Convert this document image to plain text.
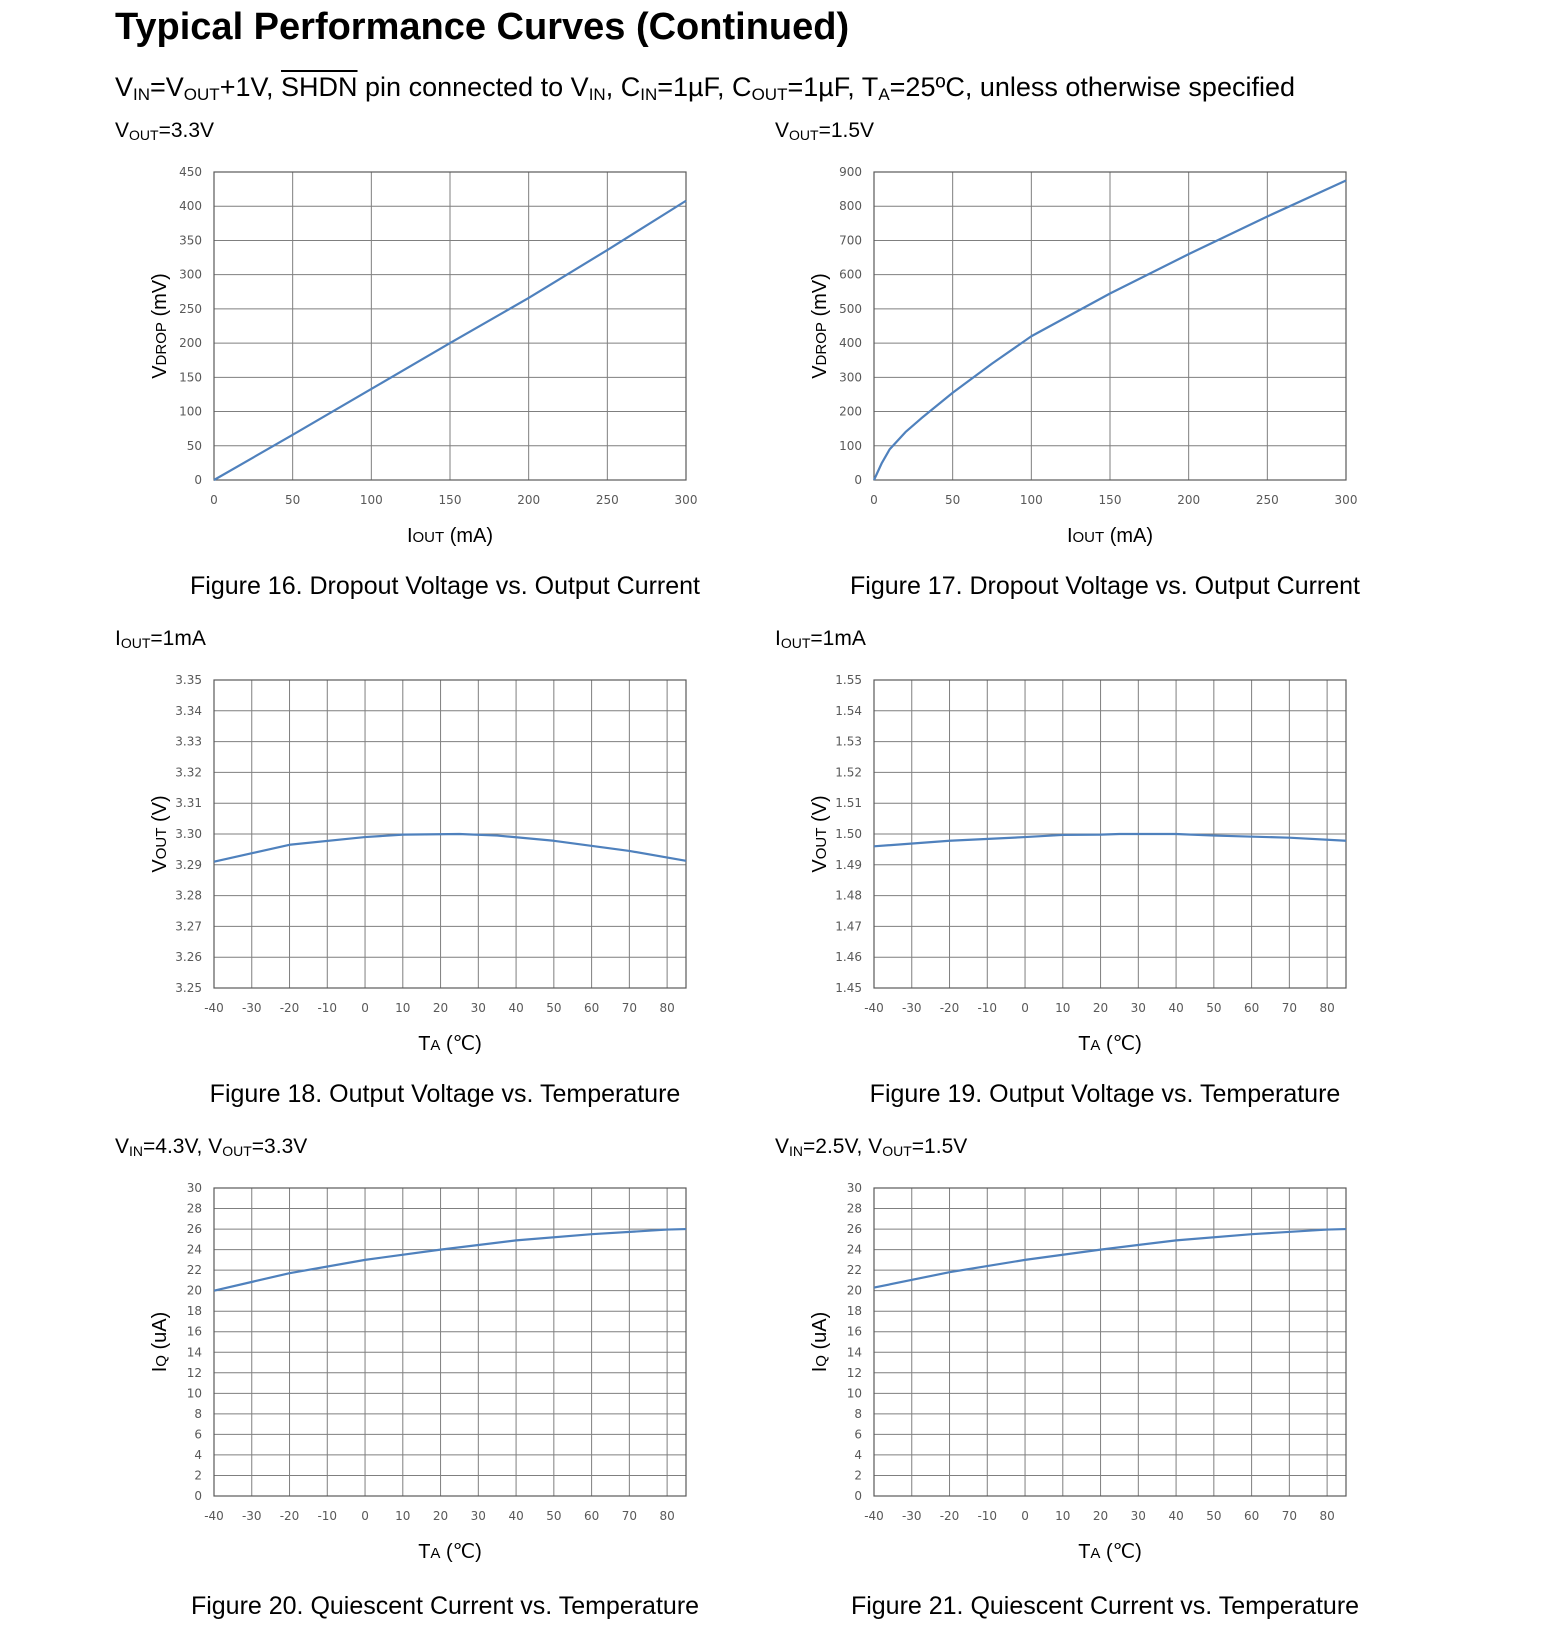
Typical Performance Curves (Continued)
$V_{IN}=V_{OUT}+1V$, SHDN pin connected to $V_{IN}$, $C_{IN}=1\mu F$, $C_{OUT}=1\mu F$, $T_A=25ºC$, unless otherwise specified
$V_{OUT}=3.3V$	$V_{OUT}=1.5V$
$I_{OUT}=1mA$	$I_{OUT}=1mA$
$V_{IN}=4.3V$, $V_{OUT}=3.3V$	$V_{IN}=2.5V$, $V_{OUT}=1.5V$
0
50
100
150
200
250
300
350
400
450
0	50	100	150	200	250	300
IOUT (mA)
VDROP (mV)
0
100
200
300
400
500
600
700
800
900
0	50	100	150	200	250	300
IOUT (mA)
VDROP (mV)
3.25
3.26
3.27
3.28
3.29
3.30
3.31
3.32
3.33
3.34
3.35
-40 -30 -20 -10 0 10 20 30 40 50 60 70 80
TA (℃)
VOUT (V)
1.45
1.46
1.47
1.48
1.49
1.50
1.51
1.52
1.53
1.54
1.55
-40 -30 -20 -10 0 10 20 30 40 50 60 70 80
TA (℃)
VOUT (V)
0
2
4
6
8
10
12
14
16
18
20
22
24
26
28
30
-40 -30 -20 -10 0 10 20 30 40 50 60 70 80
TA (℃)
IQ (uA)
0
2
4
6
8
10
12
14
16
18
20
22
24
26
28
30
-40 -30 -20 -10 0 10 20 30 40 50 60 70 80
TA (℃)
IQ (uA)
Figure 16. Dropout Voltage vs. Output Current	Figure 17. Dropout Voltage vs. Output Current
Figure 18. Output Voltage vs. Temperature	Figure 19. Output Voltage vs. Temperature
Figure 20. Quiescent Current vs. Temperature	Figure 21. Quiescent Current vs. Temperature
